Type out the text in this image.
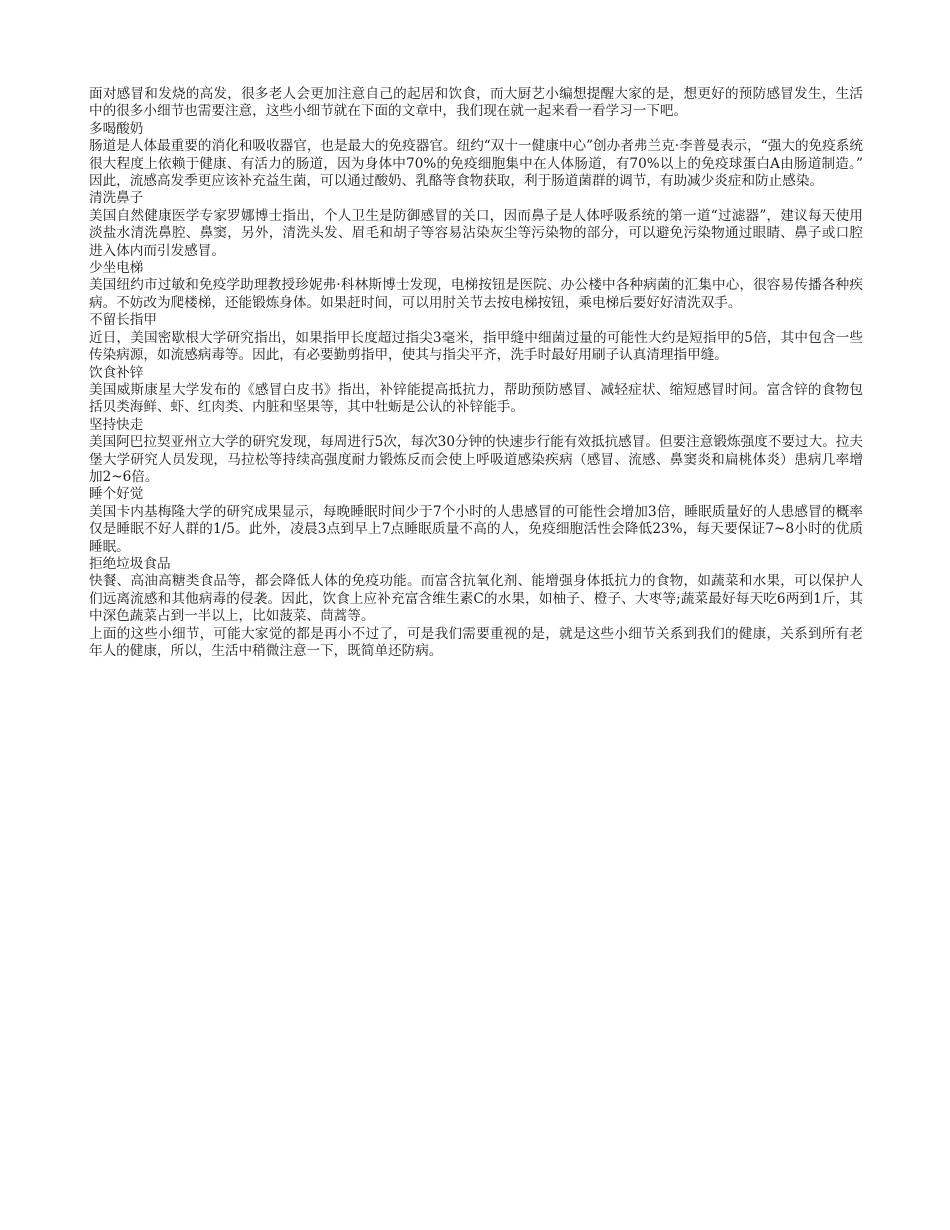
面对感冒和发烧的高发，很多老人会更加注意自己的起居和饮食，而大厨艺小编想提醒大家的是，想更好的预防感冒发生，生活中的很多小细节也需要注意，这些小细节就在下面的文章中，我们现在就一起来看一看学习一下吧。

多喝酸奶

肠道是人体最重要的消化和吸收器官，也是最大的免疫器官。纽约“双十一健康中心”创办者弗兰克·李普曼表示，“强大的免疫系统很大程度上依赖于健康、有活力的肠道，因为身体中70%的免疫细胞集中在人体肠道，有70%以上的免疫球蛋白A由肠道制造。”因此，流感高发季更应该补充益生菌，可以通过酸奶、乳酪等食物获取，利于肠道菌群的调节，有助减少炎症和防止感染。

清洗鼻子

美国自然健康医学专家罗娜博士指出，个人卫生是防御感冒的关口，因而鼻子是人体呼吸系统的第一道“过滤器”，建议每天使用淡盐水清洗鼻腔、鼻窦，另外，清洗头发、眉毛和胡子等容易沾染灰尘等污染物的部分，可以避免污染物通过眼睛、鼻子或口腔进入体内而引发感冒。

少坐电梯

美国纽约市过敏和免疫学助理教授珍妮弗·科林斯博士发现，电梯按钮是医院、办公楼中各种病菌的汇集中心，很容易传播各种疾病。不妨改为爬楼梯，还能锻炼身体。如果赶时间，可以用肘关节去按电梯按钮，乘电梯后要好好清洗双手。

不留长指甲

近日，美国密歇根大学研究指出，如果指甲长度超过指尖3毫米，指甲缝中细菌过量的可能性大约是短指甲的5倍，其中包含一些传染病源，如流感病毒等。因此，有必要勤剪指甲，使其与指尖平齐，洗手时最好用刷子认真清理指甲缝。

饮食补锌

美国威斯康星大学发布的《感冒白皮书》指出，补锌能提高抵抗力，帮助预防感冒、减轻症状、缩短感冒时间。富含锌的食物包括贝类海鲜、虾、红肉类、内脏和坚果等，其中牡蛎是公认的补锌能手。

坚持快走

美国阿巴拉契亚州立大学的研究发现，每周进行5次，每次30分钟的快速步行能有效抵抗感冒。但要注意锻炼强度不要过大。拉夫堡大学研究人员发现，马拉松等持续高强度耐力锻炼反而会使上呼吸道感染疾病（感冒、流感、鼻窦炎和扁桃体炎）患病几率增加2~6倍。

睡个好觉

美国卡内基梅隆大学的研究成果显示，每晚睡眠时间少于7个小时的人患感冒的可能性会增加3倍，睡眠质量好的人患感冒的概率仅是睡眠不好人群的1/5。此外，凌晨3点到早上7点睡眠质量不高的人，免疫细胞活性会降低23%，每天要保证7~8小时的优质睡眠。

拒绝垃圾食品

快餐、高油高糖类食品等，都会降低人体的免疫功能。而富含抗氧化剂、能增强身体抵抗力的食物，如蔬菜和水果，可以保护人们远离流感和其他病毒的侵袭。因此，饮食上应补充富含维生素C的水果，如柚子、橙子、大枣等;蔬菜最好每天吃6两到1斤，其中深色蔬菜占到一半以上，比如菠菜、茼蒿等。

上面的这些小细节，可能大家觉的都是再小不过了，可是我们需要重视的是，就是这些小细节关系到我们的健康，关系到所有老年人的健康，所以，生活中稍微注意一下，既简单还防病。
